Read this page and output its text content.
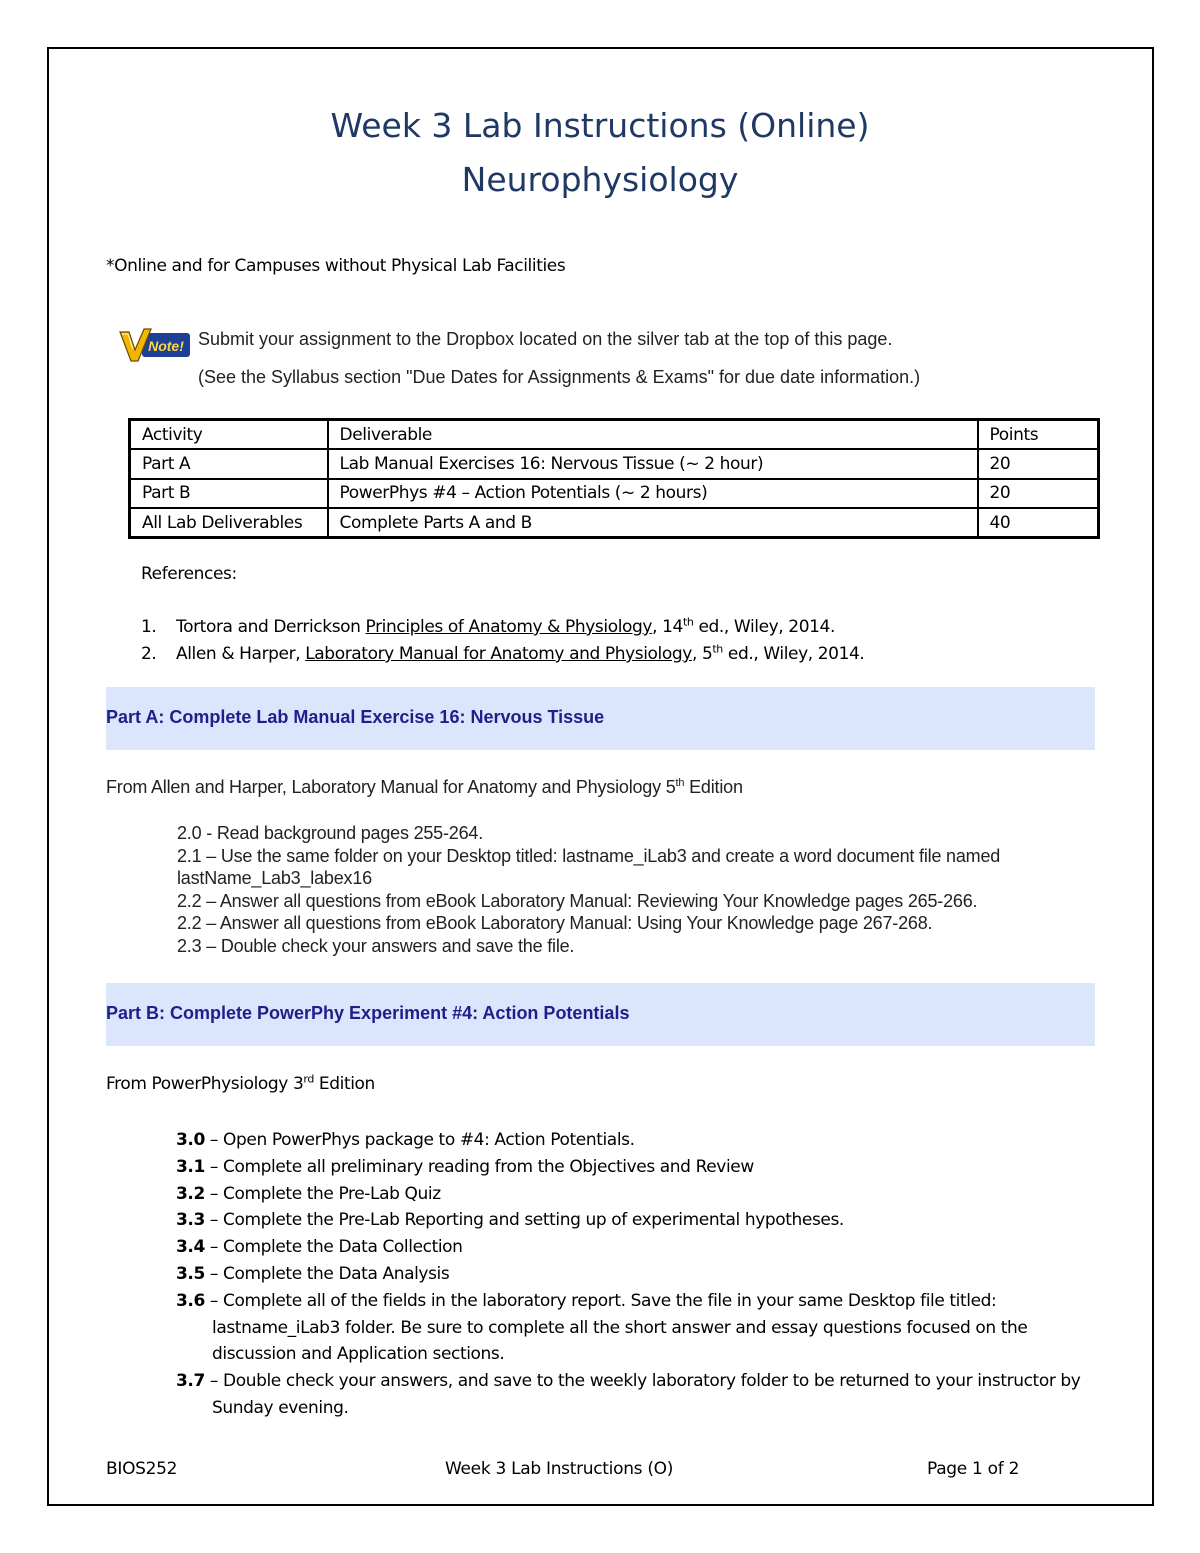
Week 3 Lab Instructions (Online)
Neurophysiology
*Online and for Campuses without Physical Lab Facilities
Note! Submit your assignment to the Dropbox located on the silver tab at the top of this page.
(See the Syllabus section "Due Dates for Assignments & Exams" for due date information.)
Activity	Deliverable	Points
Part A	Lab Manual Exercises 16: Nervous Tissue (~ 2 hour)	20
Part B	PowerPhys #4 – Action Potentials (~ 2 hours)	20
All Lab Deliverables	Complete Parts A and B	40
References:
1. Tortora and Derrickson Principles of Anatomy & Physiology, 14th ed., Wiley, 2014.
2. Allen & Harper, Laboratory Manual for Anatomy and Physiology, 5th ed., Wiley, 2014.
Part A: Complete Lab Manual Exercise 16: Nervous Tissue
From Allen and Harper, Laboratory Manual for Anatomy and Physiology 5th Edition
2.0 - Read background pages 255-264.
2.1 – Use the same folder on your Desktop titled: lastname_iLab3 and create a word document file named lastName_Lab3_labex16
2.2 – Answer all questions from eBook Laboratory Manual: Reviewing Your Knowledge pages 265-266.
2.2 – Answer all questions from eBook Laboratory Manual: Using Your Knowledge page 267-268.
2.3 – Double check your answers and save the file.
Part B: Complete PowerPhy Experiment #4: Action Potentials
From PowerPhysiology 3rd Edition
3.0 – Open PowerPhys package to #4: Action Potentials.
3.1 – Complete all preliminary reading from the Objectives and Review
3.2 – Complete the Pre-Lab Quiz
3.3 – Complete the Pre-Lab Reporting and setting up of experimental hypotheses.
3.4 – Complete the Data Collection
3.5 – Complete the Data Analysis
3.6 – Complete all of the fields in the laboratory report. Save the file in your same Desktop file titled: lastname_iLab3 folder. Be sure to complete all the short answer and essay questions focused on the discussion and Application sections.
3.7 – Double check your answers, and save to the weekly laboratory folder to be returned to your instructor by Sunday evening.
BIOS252	Week 3 Lab Instructions (O)	Page 1 of 2
